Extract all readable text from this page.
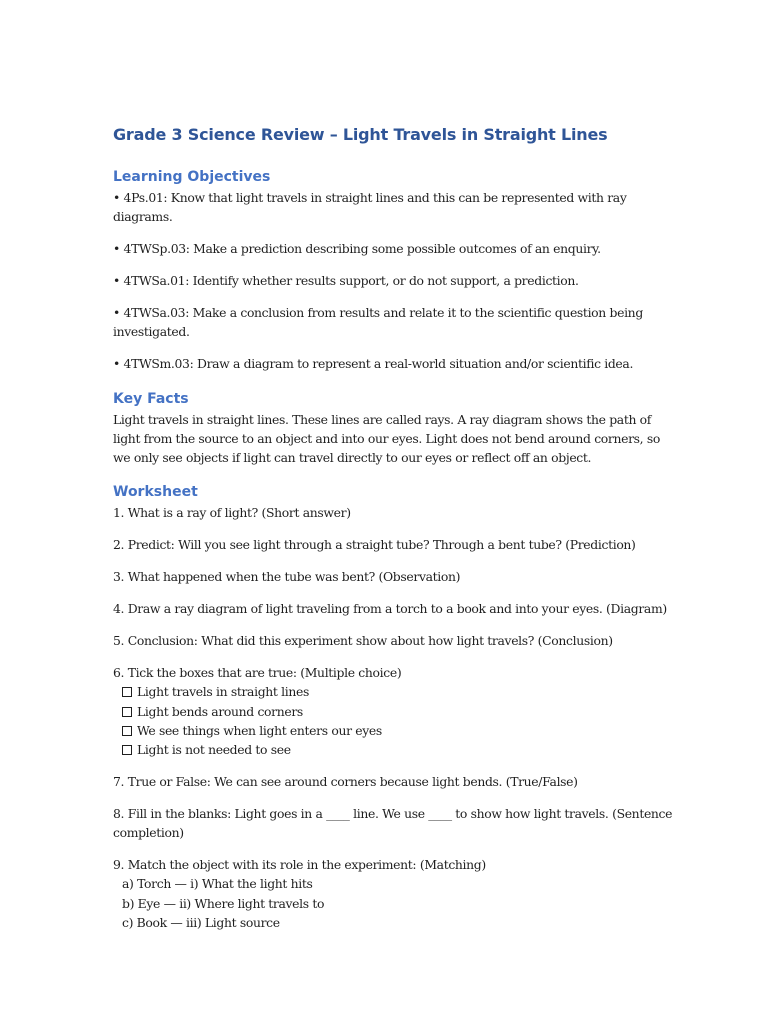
Grade 3 Science Review – Light Travels in Straight Lines
Learning Objectives

• 4Ps.01: Know that light travels in straight lines and this can be represented with ray diagrams.

• 4TWSp.03: Make a prediction describing some possible outcomes of an enquiry.

• 4TWSa.01: Identify whether results support, or do not support, a prediction.

• 4TWSa.03: Make a conclusion from results and relate it to the scientific question being investigated.

• 4TWSm.03: Draw a diagram to represent a real-world situation and/or scientific idea.

Key Facts

Light travels in straight lines. These lines are called rays. A ray diagram shows the path of light from the source to an object and into our eyes. Light does not bend around corners, so we only see objects if light can travel directly to our eyes or reflect off an object.

Worksheet

1. What is a ray of light? (Short answer)

2. Predict: Will you see light through a straight tube? Through a bent tube? (Prediction)

3. What happened when the tube was bent? (Observation)

4. Draw a ray diagram of light traveling from a torch to a book and into your eyes. (Diagram)

5. Conclusion: What did this experiment show about how light travels? (Conclusion)

6. Tick the boxes that are true: (Multiple choice)
Light travels in straight lines
Light bends around corners
We see things when light enters our eyes
Light is not needed to see

7. True or False: We can see around corners because light bends. (True/False)

8. Fill in the blanks: Light goes in a ____ line. We use ____ to show how light travels. (Sentence completion)

9. Match the object with its role in the experiment: (Matching)
a) Torch — i) What the light hits
b) Eye — ii) Where light travels to
c) Book — iii) Light source
